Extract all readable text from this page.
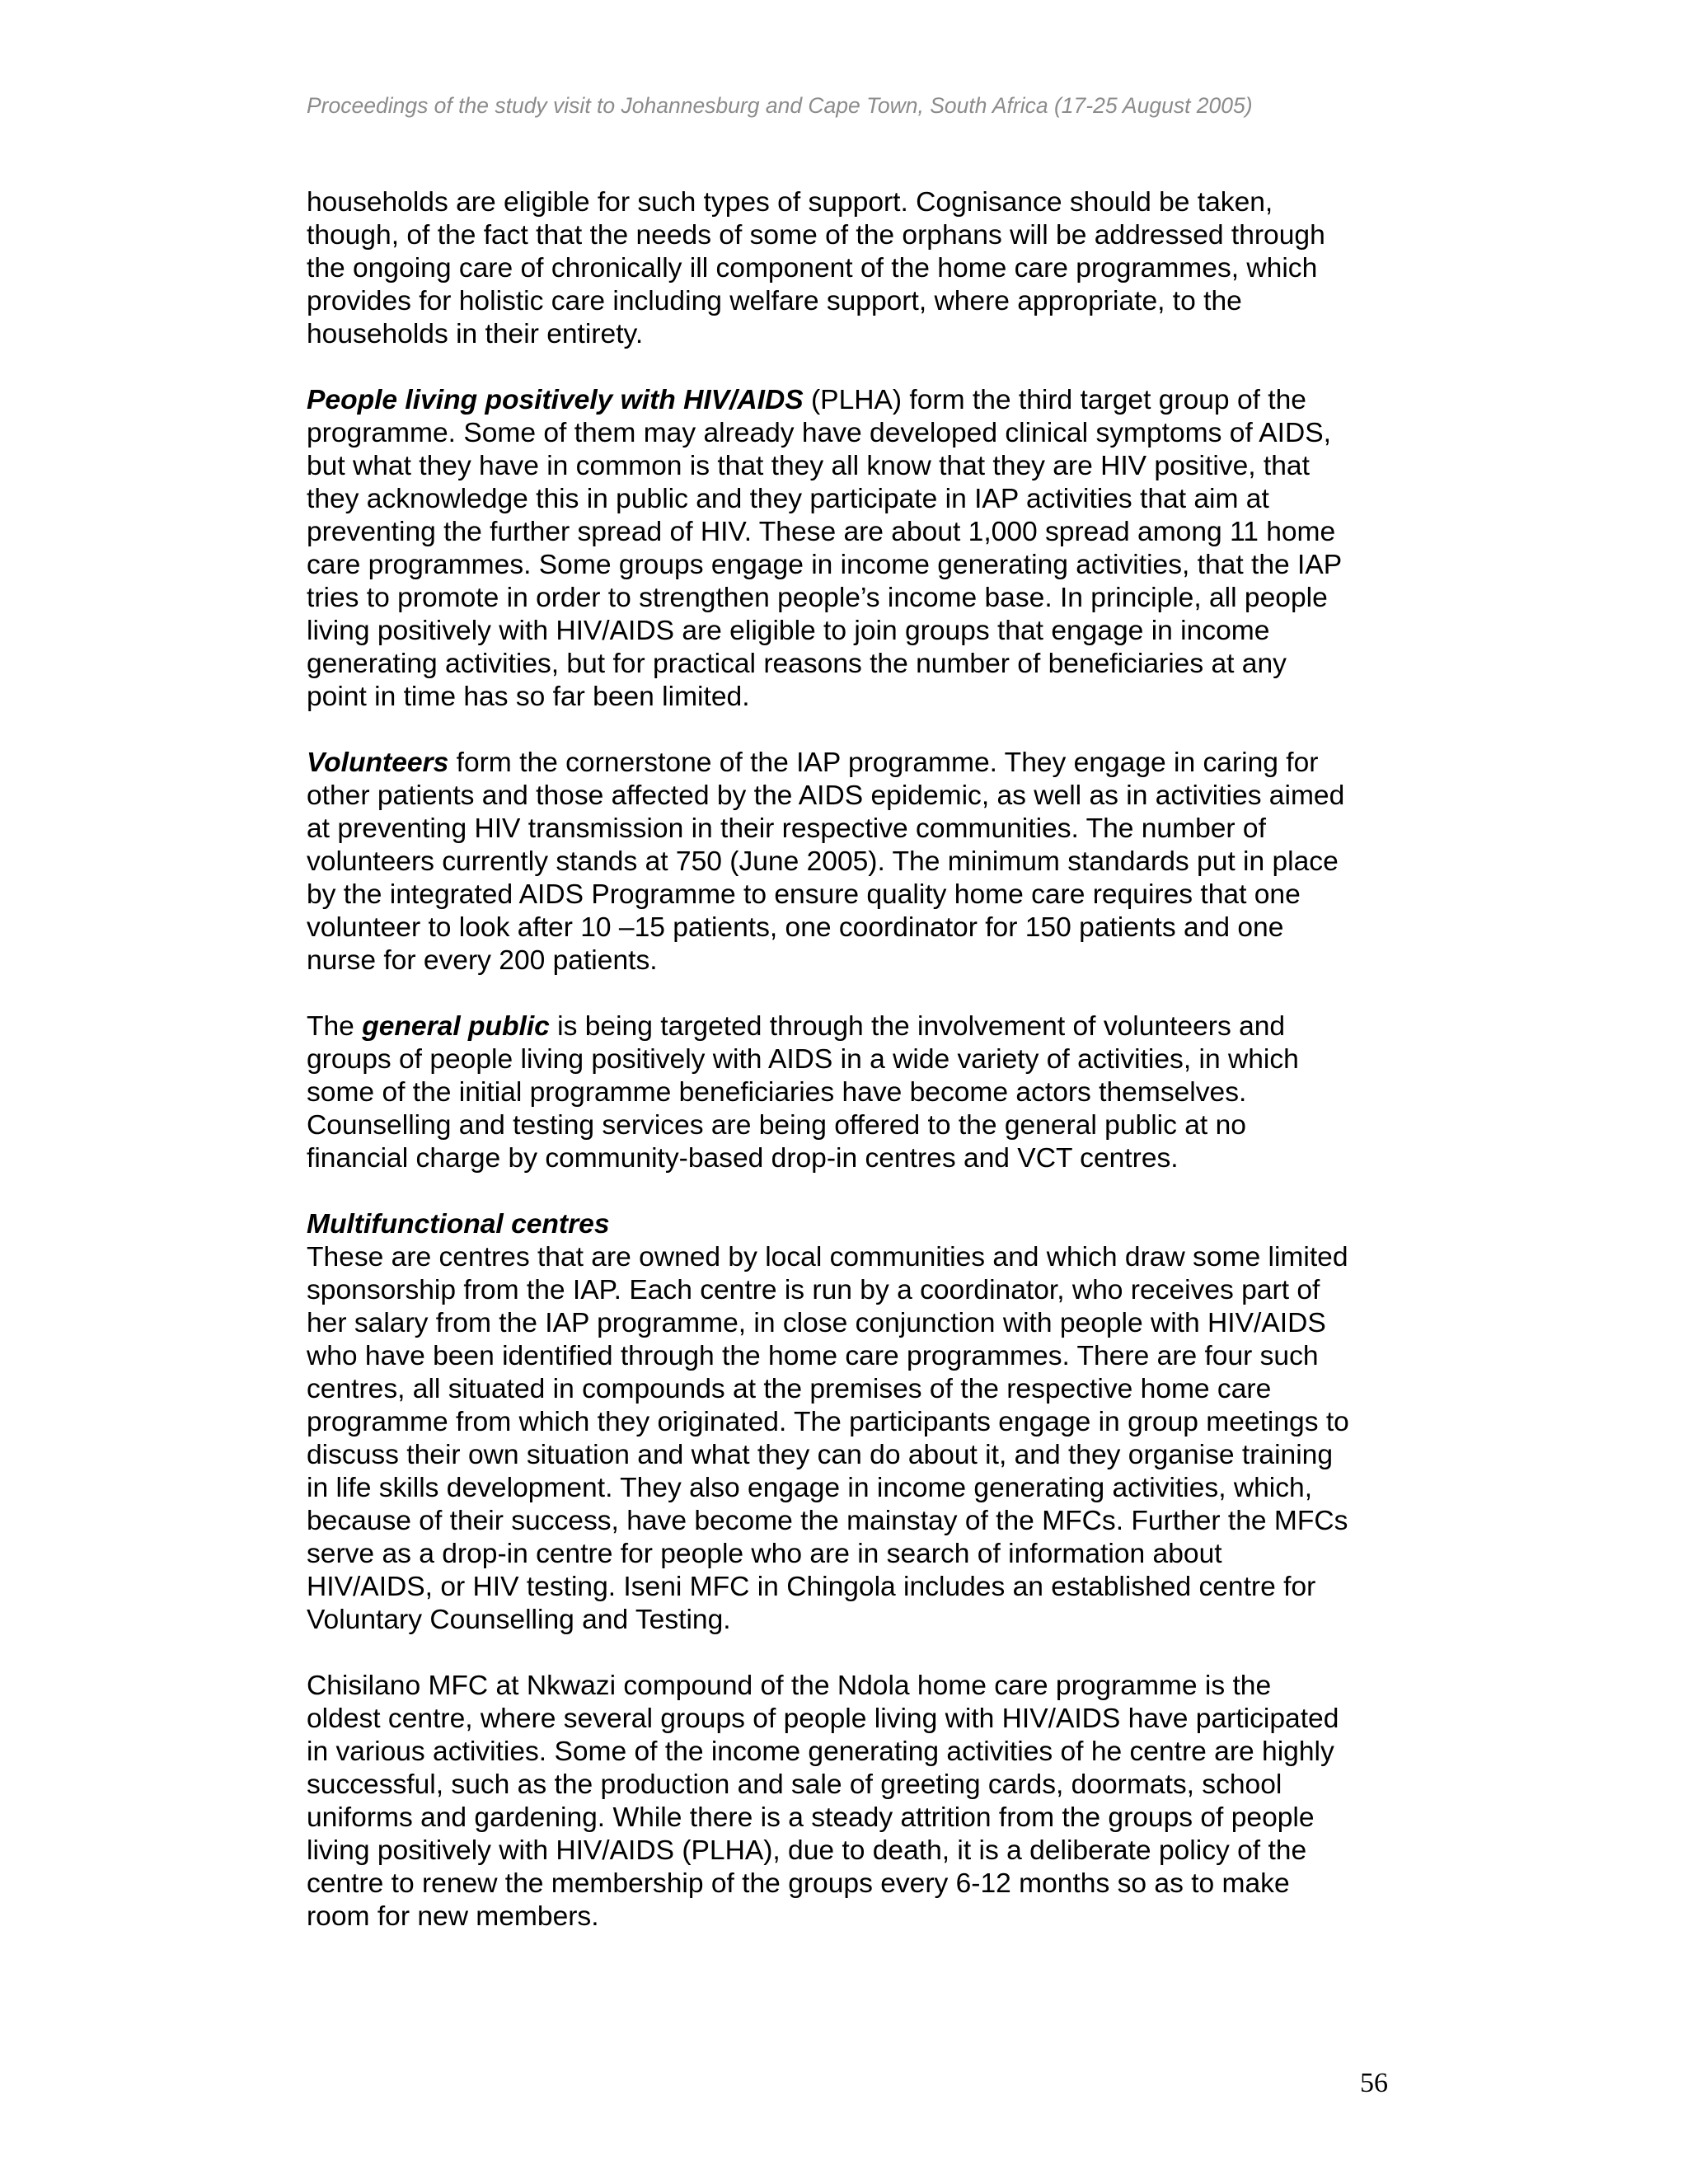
Proceedings of the study visit to Johannesburg and Cape Town, South Africa (17-25 August 2005)
households are eligible for such types of support. Cognisance should be taken,
though, of the fact that the needs of some of the orphans will be addressed through
the ongoing care of chronically ill component of the home care programmes, which
provides for holistic care including welfare support, where appropriate, to the
households in their entirety.
People living positively with HIV/AIDS (PLHA) form the third target group of the
programme. Some of them may already have developed clinical symptoms of AIDS,
but what they have in common is that they all know that they are HIV positive, that
they acknowledge this in public and they participate in IAP activities that aim at
preventing the further spread of HIV. These are about 1,000 spread among 11 home
care programmes. Some groups engage in income generating activities, that the IAP
tries to promote in order to strengthen people’s income base. In principle, all people
living positively with HIV/AIDS are eligible to join groups that engage in income
generating activities, but for practical reasons the number of beneficiaries at any
point in time has so far been limited.
Volunteers form the cornerstone of the IAP programme. They engage in caring for
other patients and those affected by the AIDS epidemic, as well as in activities aimed
at preventing HIV transmission in their respective communities. The number of
volunteers currently stands at 750 (June 2005). The minimum standards put in place
by the integrated AIDS Programme to ensure quality home care requires that one
volunteer to look after 10 –15 patients, one coordinator for 150 patients and one
nurse for every 200 patients.
The general public is being targeted through the involvement of volunteers and
groups of people living positively with AIDS in a wide variety of activities, in which
some of the initial programme beneficiaries have become actors themselves.
Counselling and testing services are being offered to the general public at no
financial charge by community-based drop-in centres and VCT centres.
Multifunctional centres
These are centres that are owned by local communities and which draw some limited
sponsorship from the IAP. Each centre is run by a coordinator, who receives part of
her salary from the IAP programme, in close conjunction with people with HIV/AIDS
who have been identified through the home care programmes. There are four such
centres, all situated in compounds at the premises of the respective home care
programme from which they originated. The participants engage in group meetings to
discuss their own situation and what they can do about it, and they organise training
in life skills development. They also engage in income generating activities, which,
because of their success, have become the mainstay of the MFCs. Further the MFCs
serve as a drop-in centre for people who are in search of information about
HIV/AIDS, or HIV testing. Iseni MFC in Chingola includes an established centre for
Voluntary Counselling and Testing.
Chisilano MFC at Nkwazi compound of the Ndola home care programme is the
oldest centre, where several groups of people living with HIV/AIDS have participated
in various activities. Some of the income generating activities of he centre are highly
successful, such as the production and sale of greeting cards, doormats, school
uniforms and gardening. While there is a steady attrition from the groups of people
living positively with HIV/AIDS (PLHA), due to death, it is a deliberate policy of the
centre to renew the membership of the groups every 6-12 months so as to make
room for new members.
56
